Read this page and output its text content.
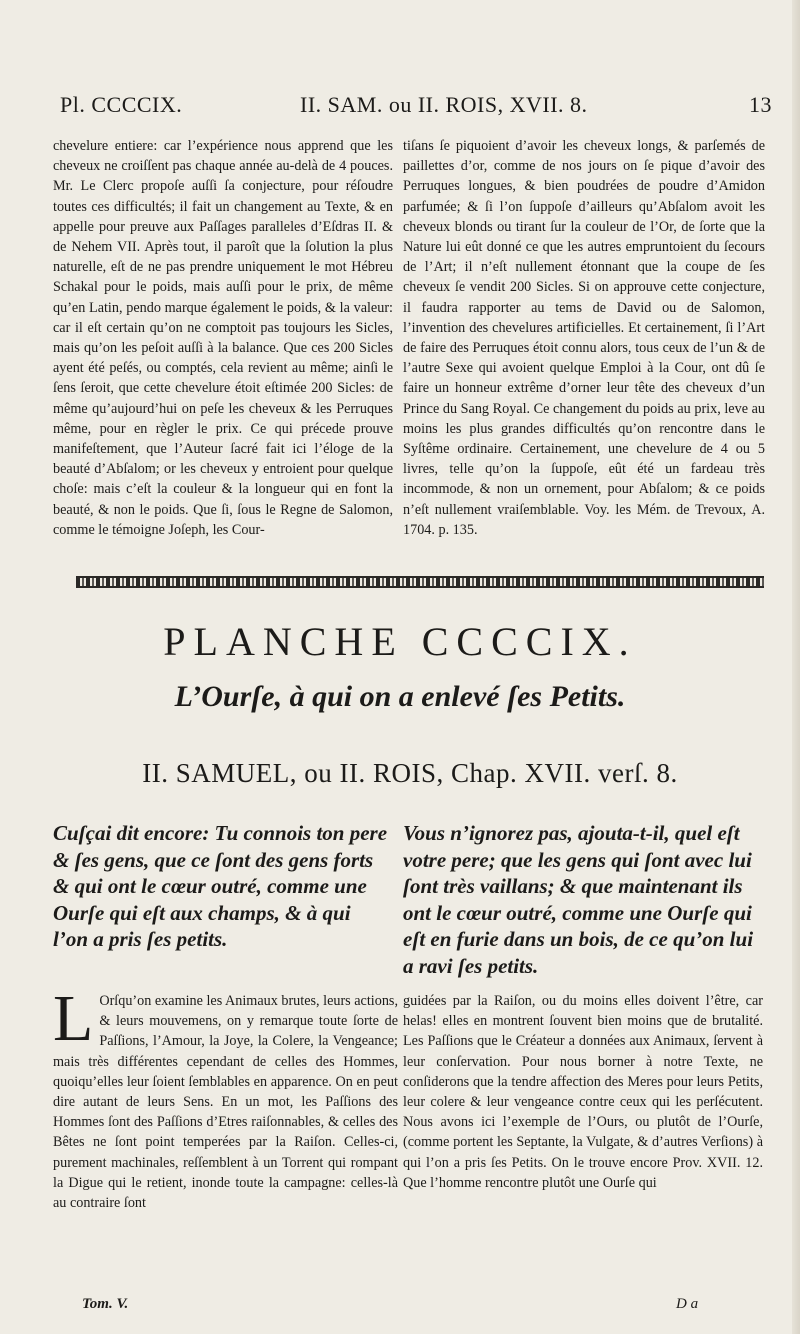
Pl. CCCCIX.	II. SAM. ou II. ROIS, XVII. 8.	13

chevelure entiere: car l’expérience nous apprend que les cheveux ne croiſſent pas chaque année au-delà de 4 pouces. Mr. Le Clerc propoſe auſſi ſa conjecture, pour réſoudre toutes ces difficultés; il fait un changement au Texte, & en appelle pour preuve aux Paſſages paralleles d’Eſdras II. & de Nehem VII. Après tout, il paroît que la ſolution la plus naturelle, eſt de ne pas prendre uniquement le mot Hébreu Schakal pour le poids, mais auſſi pour le prix, de même qu’en Latin, pendo marque également le poids, & la valeur: car il eſt certain qu’on ne comptoit pas toujours les Sicles, mais qu’on les peſoit auſſi à la balance. Que ces 200 Sicles ayent été peſés, ou comptés, cela revient au même; ainſi le ſens ſeroit, que cette chevelure étoit eſtimée 200 Sicles: de même qu’aujourd’hui on peſe les cheveux & les Perruques même, pour en règler le prix. Ce qui précede prouve manifeſtement, que l’Auteur ſacré fait ici l’éloge de la beauté d’Abſalom; or les cheveux y entroient pour quelque choſe: mais c’eſt la couleur & la longueur qui en font la beauté, & non le poids. Que ſi, ſous le Regne de Salomon, comme le témoigne Joſeph, les Cour-

tiſans ſe piquoient d’avoir les cheveux longs, & parſemés de paillettes d’or, comme de nos jours on ſe pique d’avoir des Perruques longues, & bien poudrées de poudre d’Amidon parfumée; & ſi l’on ſuppoſe d’ailleurs qu’Abſalom avoit les cheveux blonds ou tirant ſur la couleur de l’Or, de ſorte que la Nature lui eût donné ce que les autres empruntoient du ſecours de l’Art; il n’eſt nullement étonnant que la coupe de ſes cheveux ſe vendit 200 Sicles. Si on approuve cette conjecture, il faudra rapporter au tems de David ou de Salomon, l’invention des chevelures artificielles. Et certainement, ſi l’Art de faire des Perruques étoit connu alors, tous ceux de l’un & de l’autre Sexe qui avoient quelque Emploi à la Cour, ont dû ſe faire un honneur extrême d’orner leur tête des cheveux d’un Prince du Sang Royal. Ce changement du poids au prix, leve au moins les plus grandes difficultés qu’on rencontre dans le Syſtême ordinaire. Certainement, une chevelure de 4 ou 5 livres, telle qu’on la ſuppoſe, eût été un fardeau très incommode, & non un ornement, pour Abſalom; & ce poids n’eſt nullement vraiſemblable. Voy. les Mém. de Trevoux, A. 1704. p. 135.

PLANCHE CCCCIX.
L’Ourſe, à qui on a enlevé ſes Petits.
II. SAMUEL, ou II. ROIS, Chap. XVII. verſ. 8.
Cuſçai dit encore: Tu connois ton pere & ſes gens, que ce ſont des gens forts & qui ont le cœur outré, comme une Ourſe qui eſt aux champs, & à qui l’on a pris ſes petits.
Vous n’ignorez pas, ajouta-t-il, quel eſt votre pere; que les gens qui ſont avec lui ſont très vaillans; & que maintenant ils ont le cœur outré, comme une Ourſe qui eſt en furie dans un bois, de ce qu’on lui a ravi ſes petits.
L Orſqu’on examine les Animaux brutes, leurs actions, & leurs mouvemens, on y remarque toute ſorte de Paſſions, l’Amour, la Joye, la Colere, la Vengeance; mais très différentes cependant de celles des Hommes, quoiqu’elles leur ſoient ſemblables en apparence. On en peut dire autant de leurs Sens. En un mot, les Paſſions des Hommes ſont des Paſſions d’Etres raiſonnables, & celles des Bêtes ne ſont point temperées par la Raiſon. Celles-ci, purement machinales, reſſemblent à un Torrent qui rompant la Digue qui le retient, inonde toute la campagne: celles-là au contraire ſont

guidées par la Raiſon, ou du moins elles doivent l’être, car helas! elles en montrent ſouvent bien moins que de brutalité. Les Paſſions que le Créateur a données aux Animaux, ſervent à leur conſervation. Pour nous borner à notre Texte, ne conſiderons que la tendre affection des Meres pour leurs Petits, leur colere & leur vengeance contre ceux qui les perſécutent. Nous avons ici l’exemple de l’Ours, ou plutôt de l’Ourſe, (comme portent les Septante, la Vulgate, & d’autres Verſions) à qui l’on a pris ſes Petits. On le trouve encore Prov. XVII. 12. Que l’homme rencontre plutôt une Ourſe qui

Tom. V.	D a
